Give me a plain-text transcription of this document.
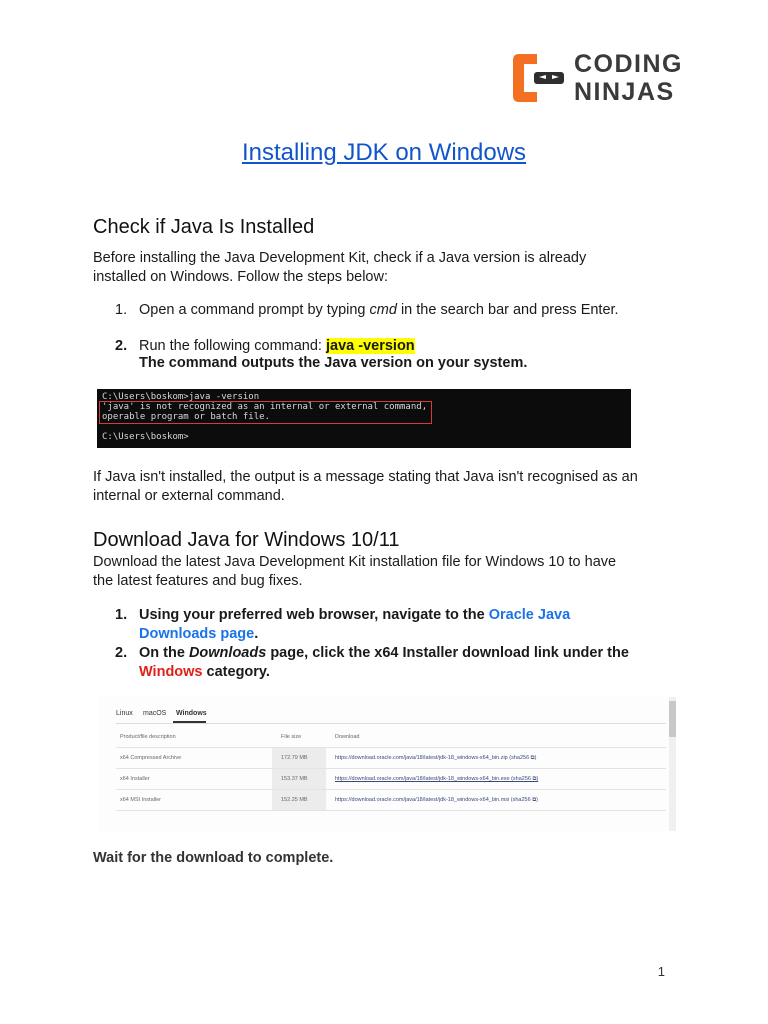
CODING
NINJAS
Installing JDK on Windows
Check if Java Is Installed

Before installing the Java Development Kit, check if a Java version is already
installed on Windows. Follow the steps below:

1. Open a command prompt by typing cmd in the search bar and press Enter.
2. Run the following command: java -version
The command outputs the Java version on your system.
C:\Users\boskom>java -version
'java' is not recognized as an internal or external command,
operable program or batch file.
C:\Users\boskom>

If Java isn't installed, the output is a message stating that Java isn't recognised as an
internal or external command.

Download Java for Windows 10/11

Download the latest Java Development Kit installation file for Windows 10 to have
the latest features and bug fixes.

1. Using your preferred web browser, navigate to the Oracle Java
Downloads page.
2. On the Downloads page, click the x64 Installer download link under the
Windows category.
Linux macOS Windows
Product/file description	File size	Download
x64 Compressed Archive	172.79 MB	https://download.oracle.com/java/18/latest/jdk-18_windows-x64_bin.zip (sha256 ⧉)
x64 Installer	153.37 MB	https://download.oracle.com/java/18/latest/jdk-18_windows-x64_bin.exe (sha256 ⧉)
x64 MSI Installer	152.25 MB	https://download.oracle.com/java/18/latest/jdk-18_windows-x64_bin.msi (sha256 ⧉)

Wait for the download to complete.

1
